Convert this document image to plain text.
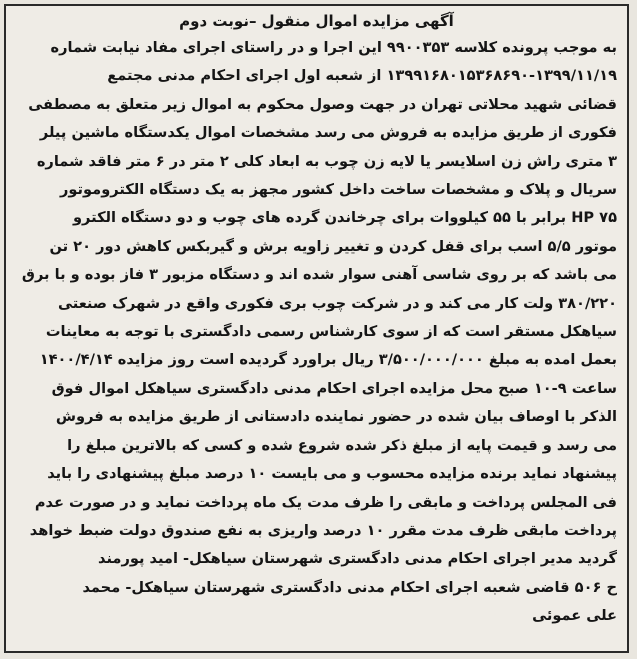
آگهی مزایده اموال منقول –نوبت دوم
به موجب پرونده کلاسه ۹۹۰۰۳۵۳ این اجرا و در راستای اجرای مفاد نیابت شماره
۱۳۹۹۱۶۸۰۱۵۳۶۸۶۹۰-۱۳۹۹/۱۱/۱۹ از شعبه اول اجرای احکام مدنی مجتمع
قضائی شهید محلاتی تهران در جهت وصول محکوم به اموال زیر متعلق به مصطفی
فکوری از طریق مزایده به فروش می رسد مشخصات اموال یکدستگاه ماشین پیلر
۳ متری راش زن اسلایسر یا لایه زن چوب به ابعاد کلی ۲ متر در ۶ متر فاقد شماره
سریال و پلاک و مشخصات ساخت داخل کشور مجهز به یک دستگاه الکتروموتور
HP ۷۵ برابر با ۵۵ کیلووات برای چرخاندن گرده های چوب و دو دستگاه الکترو
موتور ۵/۵ اسب برای قفل کردن و تغییر زاویه برش و گیربکس کاهش دور ۲۰ تن
می باشد که بر روی شاسی آهنی سوار شده اند و دستگاه مزبور ۳ فاز بوده و با برق
۳۸۰/۲۲۰ ولت کار می کند و در شرکت چوب بری فکوری واقع در شهرک صنعتی
سیاهکل مستقر است که از سوی کارشناس رسمی دادگستری با توجه به معاینات
بعمل امده به مبلغ ۳/۵۰۰/۰۰۰/۰۰۰ ریال براورد گردیده است روز مزایده ۱۴۰۰/۴/۱۴
ساعت ۹-۱۰ صبح محل مزایده اجرای احکام مدنی دادگستری سیاهکل اموال فوق
الذکر با اوصاف بیان شده در حضور نماینده دادستانی از طریق مزایده به فروش
می رسد و قیمت پایه از مبلغ ذکر شده شروع شده و کسی که بالاترین مبلغ را
پیشنهاد نماید برنده مزایده محسوب و می بایست ۱۰ درصد مبلغ پیشنهادی را باید
فی المجلس پرداخت و مابقی را ظرف مدت یک ماه پرداخت نماید و در صورت عدم
پرداخت مابقی ظرف مدت مقرر ۱۰ درصد واریزی به نفع صندوق دولت ضبط خواهد
گردید مدیر اجرای احکام مدنی دادگستری شهرستان سیاهکل- امید پورمند
ح ۵۰۶ قاضی شعبه اجرای احکام مدنی دادگستری شهرستان سیاهکل- محمد
علی عموئی
